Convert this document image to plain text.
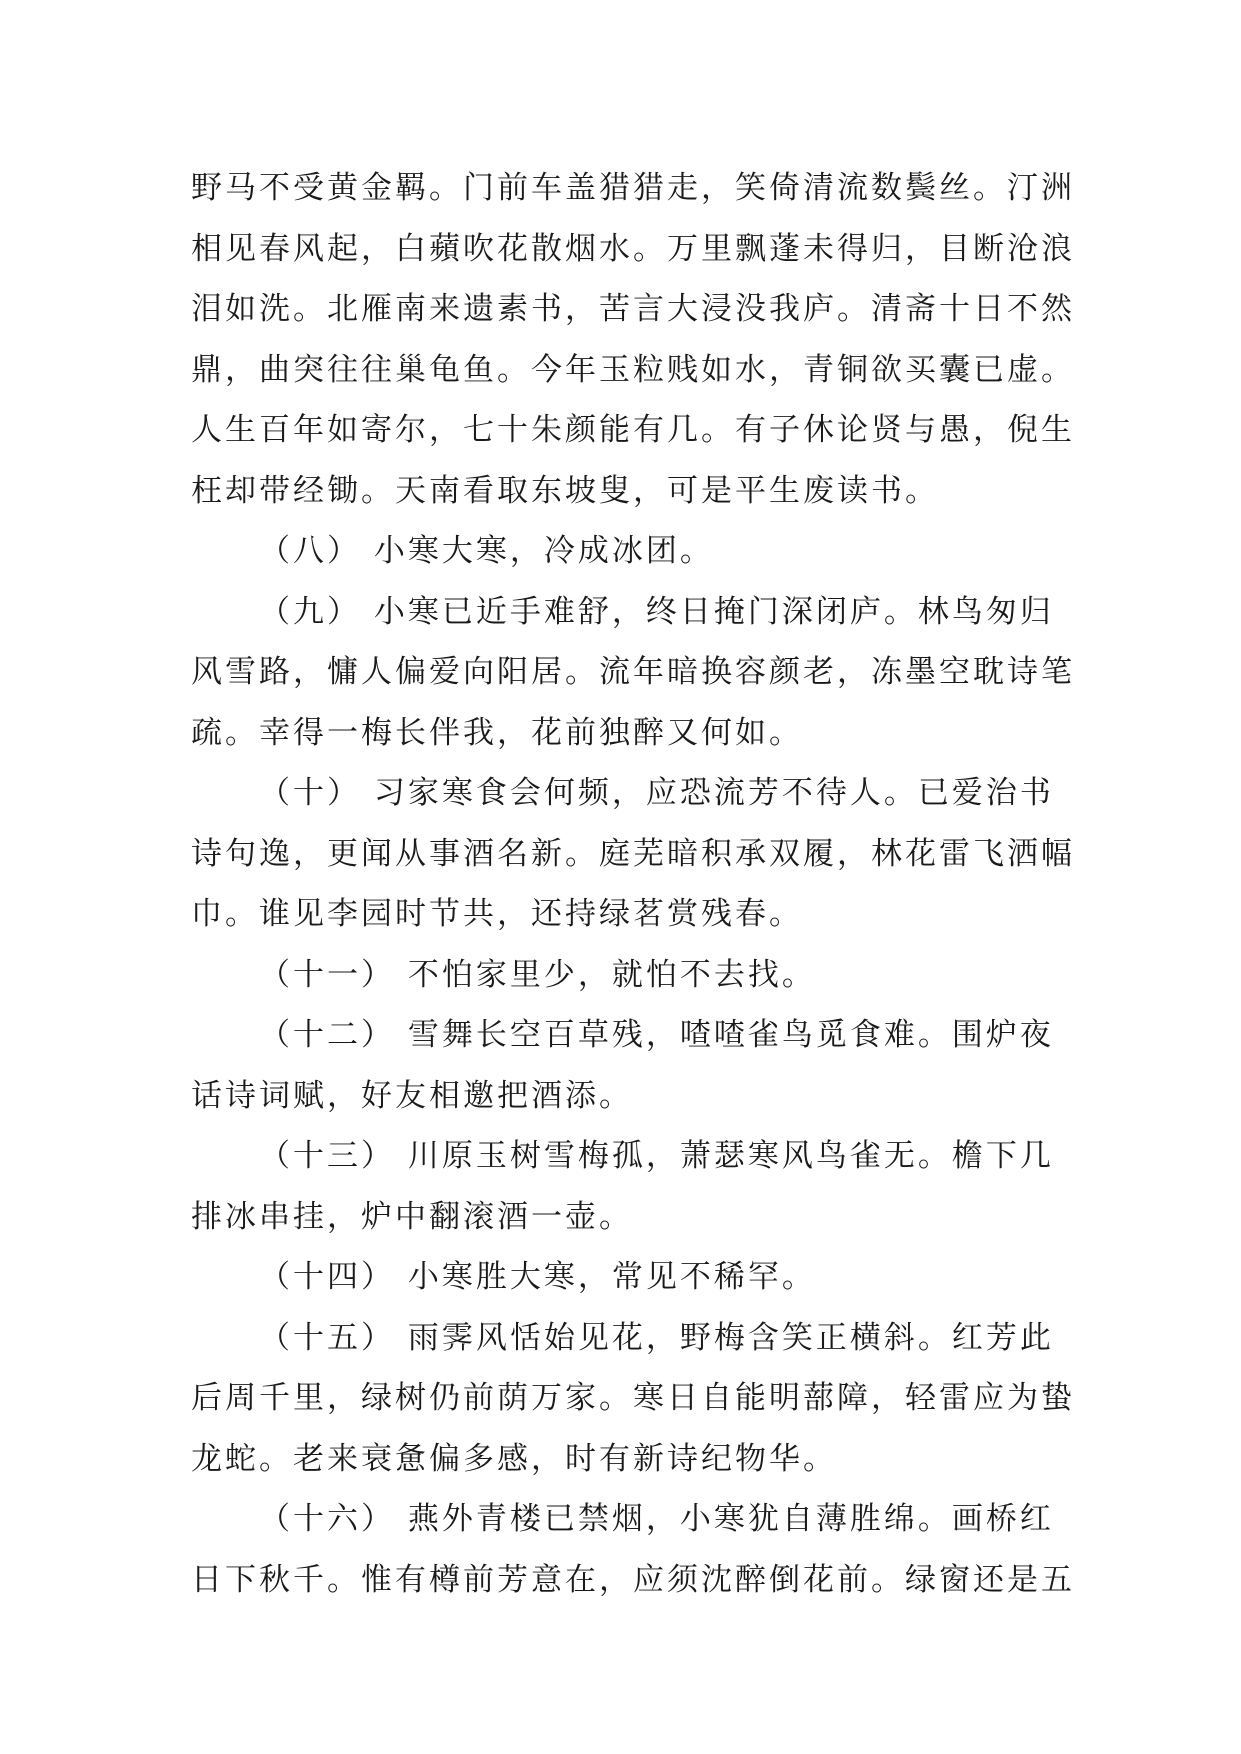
野马不受黄金羁。门前车盖猎猎走，笑倚清流数鬓丝。汀洲
相见春风起，白蘋吹花散烟水。万里飘蓬未得归，目断沧浪
泪如洗。北雁南来遗素书，苦言大浸没我庐。清斋十日不然
鼎，曲突往往巢龟鱼。今年玉粒贱如水，青铜欲买囊已虚。
人生百年如寄尔，七十朱颜能有几。有子休论贤与愚，倪生
枉却带经锄。天南看取东坡叟，可是平生废读书。
（八） 小寒大寒，冷成冰团。
（九） 小寒已近手难舒，终日掩门深闭庐。林鸟匆归
风雪路，慵人偏爱向阳居。流年暗换容颜老，冻墨空耽诗笔
疏。幸得一梅长伴我，花前独醉又何如。
（十） 习家寒食会何频，应恐流芳不待人。已爱治书
诗句逸，更闻从事酒名新。庭芜暗积承双履，林花雷飞洒幅
巾。谁见李园时节共，还持绿茗赏残春。
（十一） 不怕家里少，就怕不去找。
（十二） 雪舞长空百草残，喳喳雀鸟觅食难。围炉夜
话诗词赋，好友相邀把酒添。
（十三） 川原玉树雪梅孤，萧瑟寒风鸟雀无。檐下几
排冰串挂，炉中翻滚酒一壶。
（十四） 小寒胜大寒，常见不稀罕。
（十五） 雨霁风恬始见花，野梅含笑正横斜。红芳此
后周千里，绿树仍前荫万家。寒日自能明蔀障，轻雷应为蛰
龙蛇。老来衰惫偏多感，时有新诗纪物华。
（十六） 燕外青楼已禁烟，小寒犹自薄胜绵。画桥红
日下秋千。惟有樽前芳意在，应须沈醉倒花前。绿窗还是五
